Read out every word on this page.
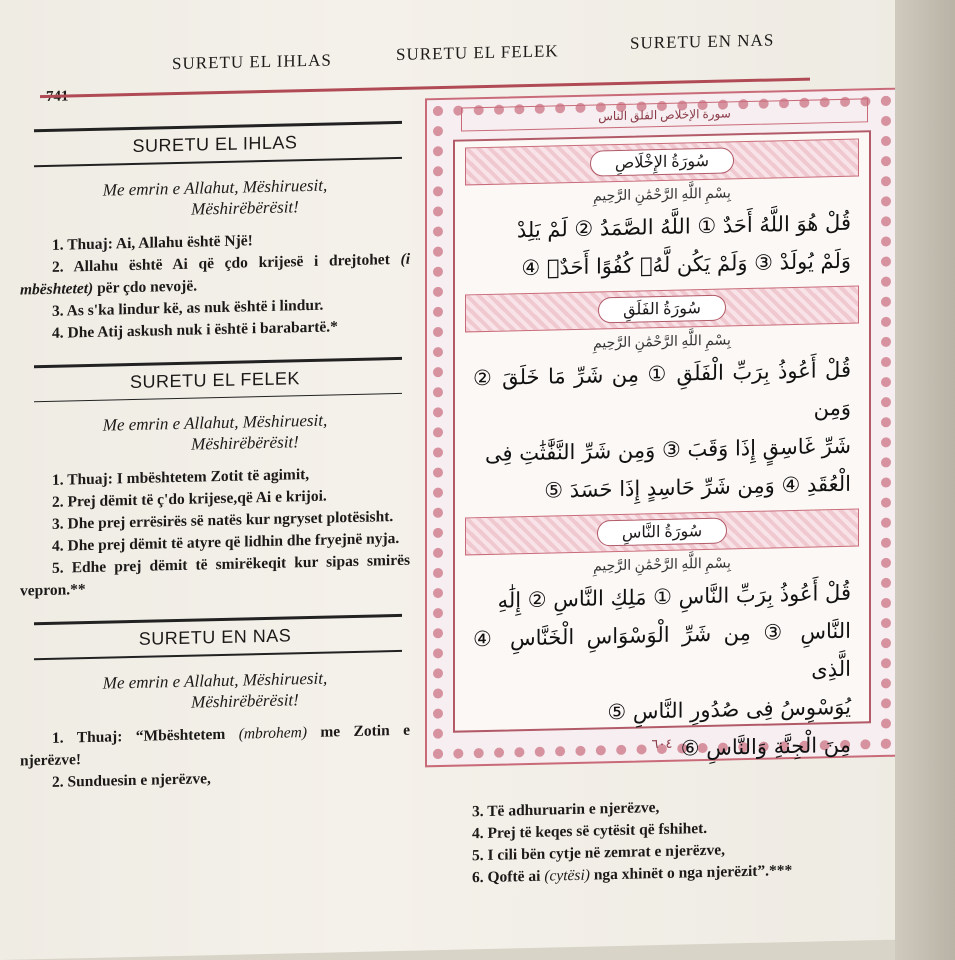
SURETU EL IHLAS	SURETU EL FELEK	SURETU EN NAS
SURETU EL IHLAS
Me emrin e Allahut, Mëshiruesit,
Mëshirëbërësit!
1. Thuaj: Ai, Allahu është Një!
2. Allahu është Ai që çdo krijesë i drejtohet (i mbështetet) për çdo nevojë.
3. As s'ka lindur kë, as nuk është i lindur.
4. Dhe Atij askush nuk i është i barabartë.*
SURETU EL FELEK
Me emrin e Allahut, Mëshiruesit,
Mëshirëbërësit!
1. Thuaj: I mbështetem Zotit të agimit,
2. Prej dëmit të ç'do krijese,që Ai e krijoi.
3. Dhe prej errësirës së natës kur ngryset plotësisht.
4. Dhe prej dëmit të atyre që lidhin dhe fryejnë nyja.
5. Edhe prej dëmit të smirëkeqit kur sipas smirës vepron.**
SURETU EN NAS
Me emrin e Allahut, Mëshiruesit,
Mëshirëbërësit!
1. Thuaj: “Mbështetem (mbrohem) me Zotin e njerëzve!
2. Sunduesin e njerëzve,
سورة الإخلاص الفلق الناس
سُورَةُ الإِخْلَاصِ
بِسْمِ اللَّهِ الرَّحْمَٰنِ الرَّحِيمِ
قُلْ هُوَ اللَّهُ أَحَدٌ ① اللَّهُ الصَّمَدُ ② لَمْ يَلِدْ
وَلَمْ يُولَدْ ③ وَلَمْ يَكُن لَّهُۥ كُفُوًا أَحَدٌۢ ④
سُورَةُ الفَلَقِ
بِسْمِ اللَّهِ الرَّحْمَٰنِ الرَّحِيمِ
قُلْ أَعُوذُ بِرَبِّ الْفَلَقِ ① مِن شَرِّ مَا خَلَقَ ② وَمِن
شَرِّ غَاسِقٍ إِذَا وَقَبَ ③ وَمِن شَرِّ النَّفَّٰثَٰتِ فِى
الْعُقَدِ ④ وَمِن شَرِّ حَاسِدٍ إِذَا حَسَدَ ⑤
سُورَةُ النَّاسِ
بِسْمِ اللَّهِ الرَّحْمَٰنِ الرَّحِيمِ
قُلْ أَعُوذُ بِرَبِّ النَّاسِ ① مَلِكِ النَّاسِ ② إِلَٰهِ
النَّاسِ ③ مِن شَرِّ الْوَسْوَاسِ الْخَنَّاسِ ④ الَّذِى
يُوَسْوِسُ فِى صُدُورِ النَّاسِ ⑤
مِنَ الْجِنَّةِ وَالنَّاسِ ⑥
٦٠٤
3. Të adhuruarin e njerëzve,
4. Prej të keqes së cytësit që fshihet.
5. I cili bën cytje në zemrat e njerëzve,
6. Qoftë ai (cytësi) nga xhinët o nga njerëzit”.***
